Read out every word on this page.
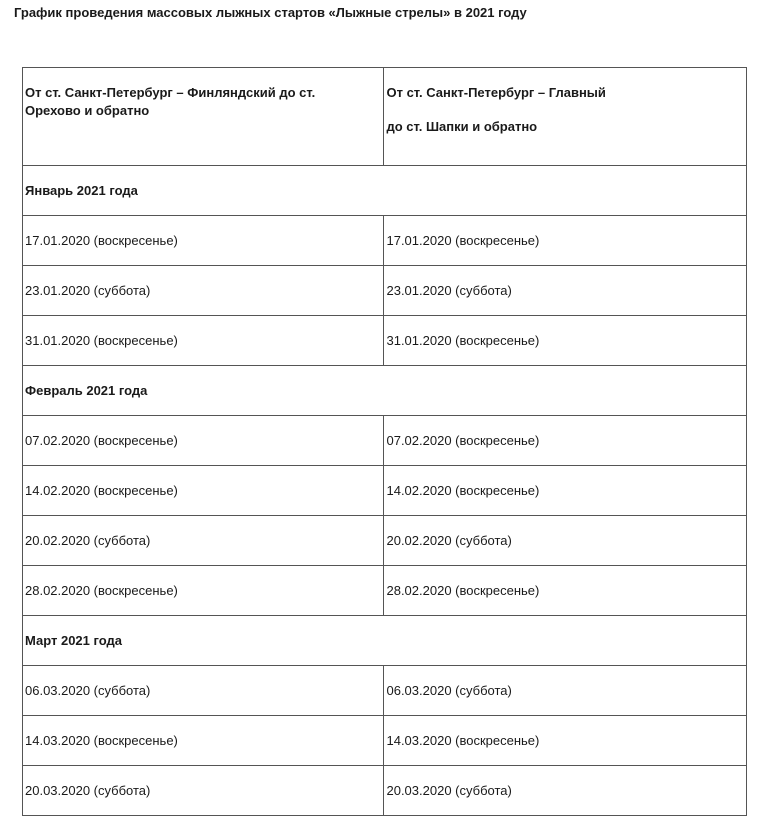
График проведения массовых лыжных стартов «Лыжные стрелы» в 2021 году
От ст. Санкт-Петербург – Финляндский до ст. Орехово и обратно	От ст. Санкт-Петербург – Главный
до ст. Шапки и обратно

Январь 2021 года	
17.01.2020 (воскресенье)	17.01.2020 (воскресенье)
23.01.2020 (суббота)	23.01.2020 (суббота)
31.01.2020 (воскресенье)	31.01.2020 (воскресенье)
Февраль 2021 года	
07.02.2020 (воскресенье)	07.02.2020 (воскресенье)
14.02.2020 (воскресенье)	14.02.2020 (воскресенье)
20.02.2020 (суббота)	20.02.2020 (суббота)
28.02.2020 (воскресенье)	28.02.2020 (воскресенье)
Март 2021 года	
06.03.2020 (суббота)	06.03.2020 (суббота)
14.03.2020 (воскресенье)	14.03.2020 (воскресенье)
20.03.2020 (суббота)	20.03.2020 (суббота)
